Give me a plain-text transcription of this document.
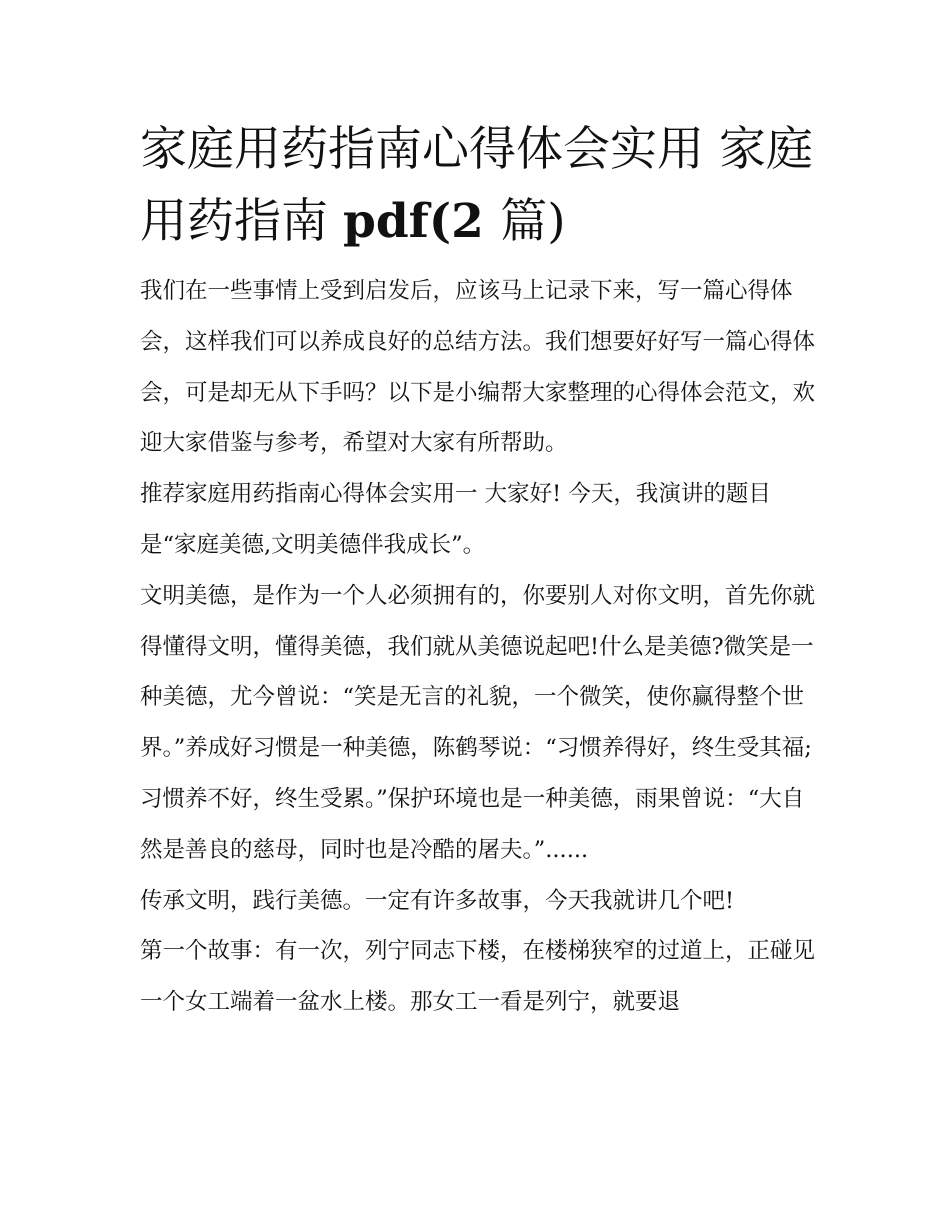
家庭用药指南心得体会实用 家庭用药指南 pdf(2 篇)

我们在一些事情上受到启发后，应该马上记录下来，写一篇心得体会，这样我们可以养成良好的总结方法。我们想要好好写一篇心得体会，可是却无从下手吗？以下是小编帮大家整理的心得体会范文，欢迎大家借鉴与参考，希望对大家有所帮助。

推荐家庭用药指南心得体会实用一 大家好! 今天，我演讲的题目是“家庭美德,文明美德伴我成长”。

文明美德，是作为一个人必须拥有的，你要别人对你文明，首先你就得懂得文明，懂得美德，我们就从美德说起吧!什么是美德?微笑是一种美德，尤今曾说：“笑是无言的礼貌，一个微笑，使你赢得整个世界。”养成好习惯是一种美德，陈鹤琴说：“习惯养得好，终生受其福;习惯养不好，终生受累。”保护环境也是一种美德，雨果曾说：“大自然是善良的慈母，同时也是冷酷的屠夫。”......

传承文明，践行美德。一定有许多故事，今天我就讲几个吧!

第一个故事：有一次，列宁同志下楼，在楼梯狭窄的过道上，正碰见一个女工端着一盆水上楼。那女工一看是列宁，就要退
